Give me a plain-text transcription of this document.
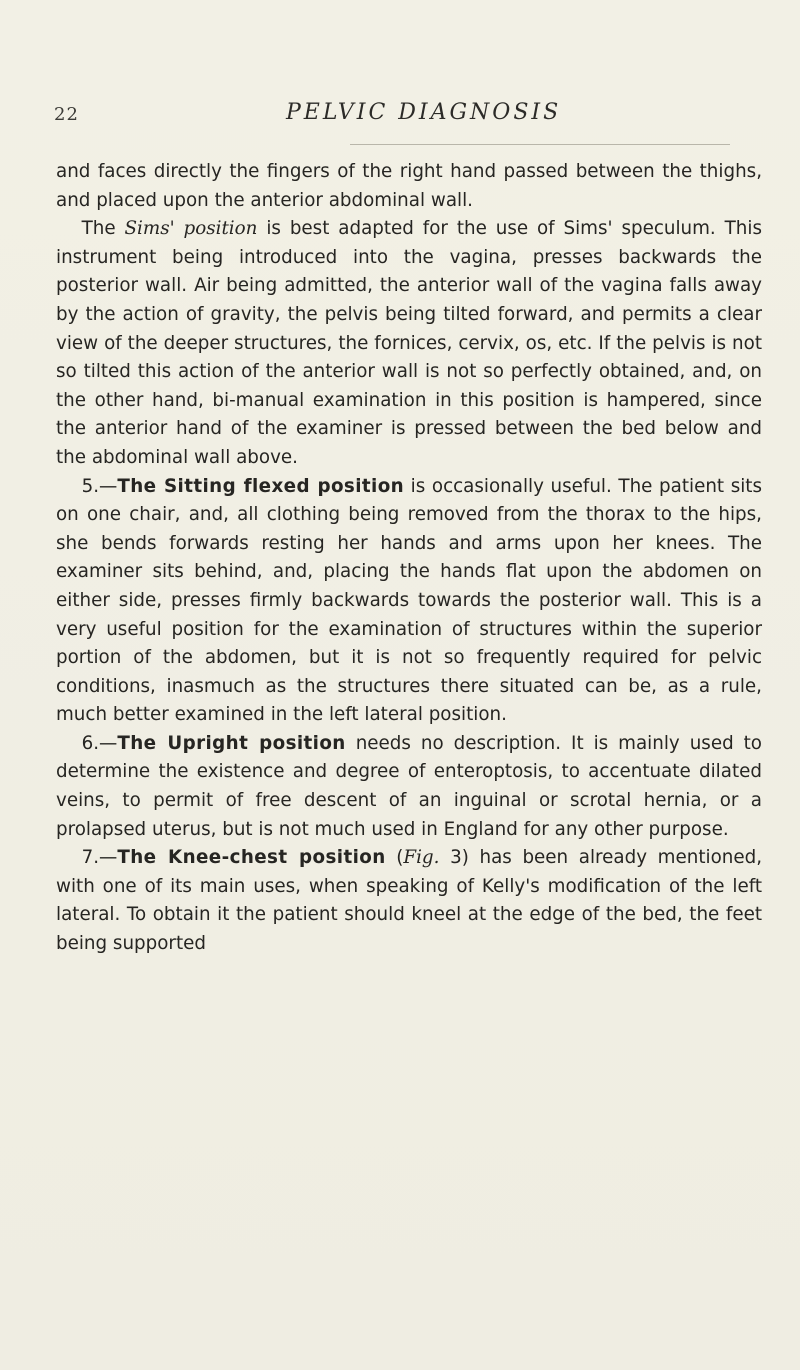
22	PELVIC DIAGNOSIS

and faces directly the fingers of the right hand passed between the thighs, and placed upon the anterior abdominal wall.

The Sims' position is best adapted for the use of Sims' speculum. This instrument being introduced into the vagina, presses backwards the posterior wall. Air being admitted, the anterior wall of the vagina falls away by the action of gravity, the pelvis being tilted forward, and permits a clear view of the deeper structures, the fornices, cervix, os, etc. If the pelvis is not so tilted this action of the anterior wall is not so perfectly obtained, and, on the other hand, bi-manual examination in this position is hampered, since the anterior hand of the examiner is pressed between the bed below and the abdominal wall above.

5.—The Sitting flexed position is occasionally useful. The patient sits on one chair, and, all clothing being removed from the thorax to the hips, she bends forwards resting her hands and arms upon her knees. The examiner sits behind, and, placing the hands flat upon the abdomen on either side, presses firmly backwards towards the posterior wall. This is a very useful position for the examination of structures within the superior portion of the abdomen, but it is not so frequently required for pelvic conditions, inasmuch as the structures there situated can be, as a rule, much better examined in the left lateral position.

6.—The Upright position needs no description. It is mainly used to determine the existence and degree of enteroptosis, to accentuate dilated veins, to permit of free descent of an inguinal or scrotal hernia, or a prolapsed uterus, but is not much used in England for any other purpose.

7.—The Knee-chest position (Fig. 3) has been already mentioned, with one of its main uses, when speaking of Kelly's modification of the left lateral. To obtain it the patient should kneel at the edge of the bed, the feet being supported
